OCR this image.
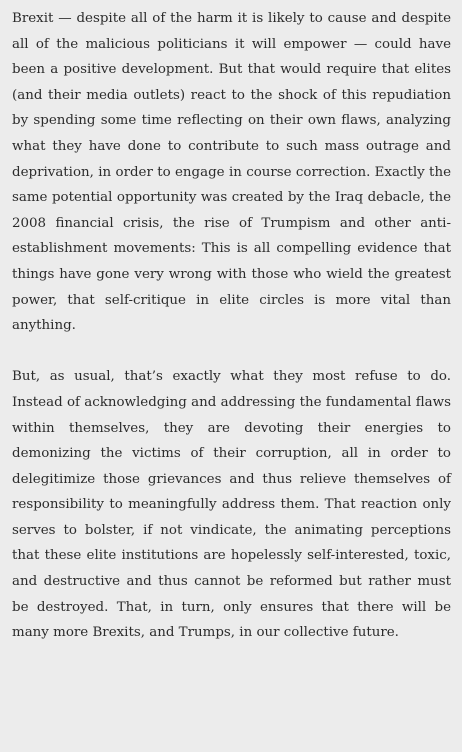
Brexit — despite all of the harm it is likely to cause and despite all of the malicious politicians it will empower — could have been a positive development. But that would require that elites (and their media outlets) react to the shock of this repudiation by spending some time reflecting on their own flaws, analyzing what they have done to contribute to such mass outrage and deprivation, in order to engage in course correction. Exactly the same potential opportunity was created by the Iraq debacle, the 2008 financial crisis, the rise of Trumpism and other anti-establishment movements: This is all compelling evidence that things have gone very wrong with those who wield the greatest power, that self-critique in elite circles is more vital than anything.

But, as usual, that’s exactly what they most refuse to do. Instead of acknowledging and addressing the fundamental flaws within themselves, they are devoting their energies to demonizing the victims of their corruption, all in order to delegitimize those grievances and thus relieve themselves of responsibility to meaningfully address them. That reaction only serves to bolster, if not vindicate, the animating perceptions that these elite institutions are hopelessly self-interested, toxic, and destructive and thus cannot be reformed but rather must be destroyed. That, in turn, only ensures that there will be many more Brexits, and Trumps, in our collective future.
